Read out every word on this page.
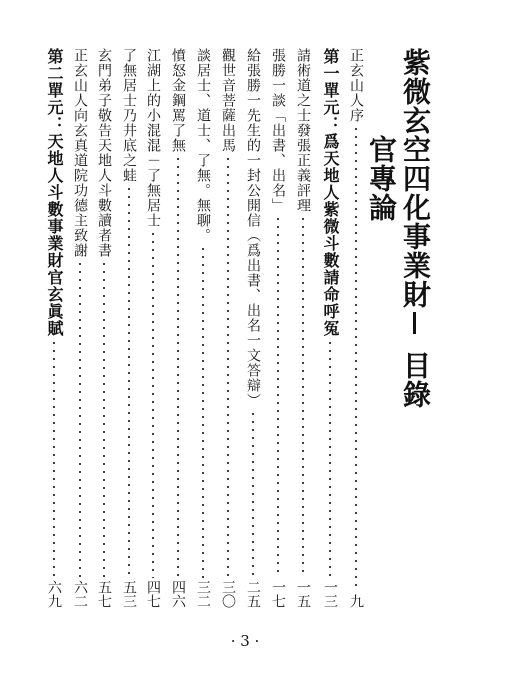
紫微玄空四化事業財官專論
目錄
正玄山人序
九
第一單元：爲天地人紫微斗數請命呼冤
一三
請術道之士發張正義評理
一五
張勝一談「出書、出名」
一七
給張勝一先生的一封公開信（爲出書、出名一文答辯）
二五
觀世音菩薩出馬
三〇
談居士、道士、了無。無聊。
三二
憤怒金鋼罵了無
四六
江湖上的小混混－了無居士
四七
了無居士乃井底之蛙
五三
玄門弟子敬告天地人斗數讀者書
五七
正玄山人向玄真道院功德主致謝
六二
第二單元：天地人斗數事業財官玄眞賦
六九
· 3 ·
